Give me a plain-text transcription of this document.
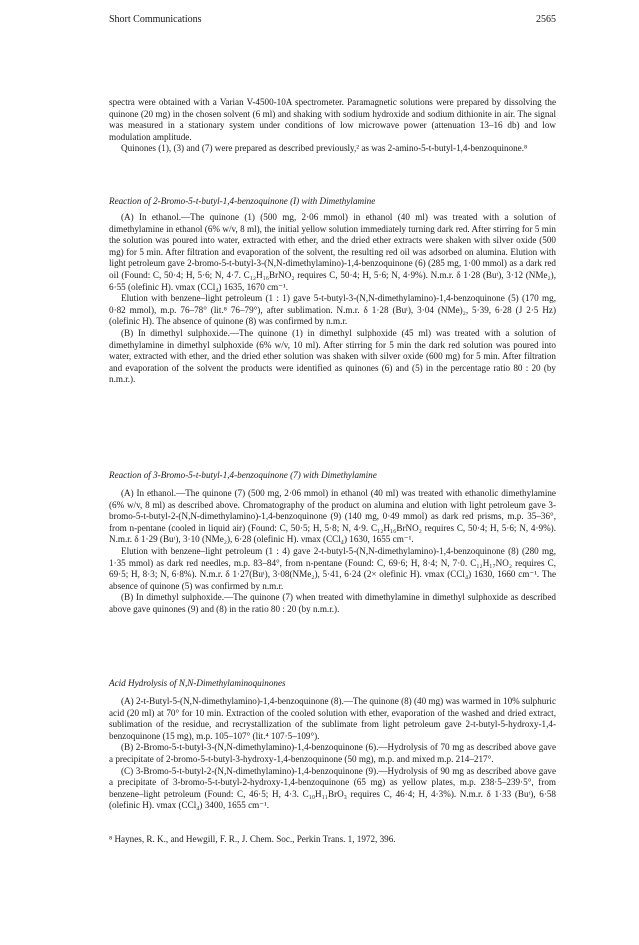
Short Communications	2565

spectra were obtained with a Varian V-4500-10A spectrometer. Paramagnetic solutions were prepared by dissolving the quinone (20 mg) in the chosen solvent (6 ml) and shaking with sodium hydroxide and sodium dithionite in air. The signal was measured in a stationary system under conditions of low microwave power (attenuation 13–16 db) and low modulation amplitude.

Quinones (1), (3) and (7) were prepared as described previously,² as was 2-amino-5-t-butyl-1,4-benzoquinone.⁸

Reaction of 2-Bromo-5-t-butyl-1,4-benzoquinone (I) with Dimethylamine

(A) In ethanol.—The quinone (1) (500 mg, 2·06 mmol) in ethanol (40 ml) was treated with a solution of dimethylamine in ethanol (6% w/v, 8 ml), the initial yellow solution immediately turning dark red. After stirring for 5 min the solution was poured into water, extracted with ether, and the dried ether extracts were shaken with silver oxide (500 mg) for 5 min. After filtration and evaporation of the solvent, the resulting red oil was adsorbed on alumina. Elution with light petroleum gave 2-bromo-5-t-butyl-3-(N,N-dimethylamino)-1,4-benzoquinone (6) (285 mg, 1·00 mmol) as a dark red oil (Found: C, 50·4; H, 5·6; N, 4·7. C₁₂H₁₆BrNO₂ requires C, 50·4; H, 5·6; N, 4·9%). N.m.r. δ 1·28 (Buᵗ), 3·12 (NMe₂), 6·55 (olefinic H). νmax (CCl₄) 1635, 1670 cm⁻¹.

Elution with benzene–light petroleum (1 : 1) gave 5-t-butyl-3-(N,N-dimethylamino)-1,4-benzoquinone (5) (170 mg, 0·82 mmol), m.p. 76–78° (lit.⁸ 76–79°), after sublimation. N.m.r. δ 1·28 (Buᵗ), 3·04 (NMe)₂, 5·39, 6·28 (J 2·5 Hz) (olefinic H). The absence of quinone (8) was confirmed by n.m.r.

(B) In dimethyl sulphoxide.—The quinone (1) in dimethyl sulphoxide (45 ml) was treated with a solution of dimethylamine in dimethyl sulphoxide (6% w/v, 10 ml). After stirring for 5 min the dark red solution was poured into water, extracted with ether, and the dried ether solution was shaken with silver oxide (600 mg) for 5 min. After filtration and evaporation of the solvent the products were identified as quinones (6) and (5) in the percentage ratio 80 : 20 (by n.m.r.).

Reaction of 3-Bromo-5-t-butyl-1,4-benzoquinone (7) with Dimethylamine

(A) In ethanol.—The quinone (7) (500 mg, 2·06 mmol) in ethanol (40 ml) was treated with ethanolic dimethylamine (6% w/v, 8 ml) as described above. Chromatography of the product on alumina and elution with light petroleum gave 3-bromo-5-t-butyl-2-(N,N-dimethylamino)-1,4-benzoquinone (9) (140 mg, 0·49 mmol) as dark red prisms, m.p. 35–36°, from n-pentane (cooled in liquid air) (Found: C, 50·5; H, 5·8; N, 4·9. C₁₂H₁₆BrNO₂ requires C, 50·4; H, 5·6; N, 4·9%). N.m.r. δ 1·29 (Buᵗ), 3·10 (NMe₂), 6·28 (olefinic H). νmax (CCl₄) 1630, 1655 cm⁻¹.

Elution with benzene–light petroleum (1 : 4) gave 2-t-butyl-5-(N,N-dimethylamino)-1,4-benzoquinone (8) (280 mg, 1·35 mmol) as dark red needles, m.p. 83–84°, from n-pentane (Found: C, 69·6; H, 8·4; N, 7·0. C₁₂H₁₇NO₂ requires C, 69·5; H, 8·3; N, 6·8%). N.m.r. δ 1·27(Buᵗ), 3·08(NMe₂), 5·41, 6·24 (2× olefinic H). νmax (CCl₄) 1630, 1660 cm⁻¹. The absence of quinone (5) was confirmed by n.m.r.

(B) In dimethyl sulphoxide.—The quinone (7) when treated with dimethylamine in dimethyl sulphoxide as described above gave quinones (9) and (8) in the ratio 80 : 20 (by n.m.r.).

Acid Hydrolysis of N,N-Dimethylaminoquinones

(A) 2-t-Butyl-5-(N,N-dimethylamino)-1,4-benzoquinone (8).—The quinone (8) (40 mg) was warmed in 10% sulphuric acid (20 ml) at 70° for 10 min. Extraction of the cooled solution with ether, evaporation of the washed and dried extract, sublimation of the residue, and recrystallization of the sublimate from light petroleum gave 2-t-butyl-5-hydroxy-1,4-benzoquinone (15 mg), m.p. 105–107° (lit.⁴ 107·5–109°).

(B) 2-Bromo-5-t-butyl-3-(N,N-dimethylamino)-1,4-benzoquinone (6).—Hydrolysis of 70 mg as described above gave a precipitate of 2-bromo-5-t-butyl-3-hydroxy-1,4-benzoquinone (50 mg), m.p. and mixed m.p. 214–217°.

(C) 3-Bromo-5-t-butyl-2-(N,N-dimethylamino)-1,4-benzoquinone (9).—Hydrolysis of 90 mg as described above gave a precipitate of 3-bromo-5-t-butyl-2-hydroxy-1,4-benzoquinone (65 mg) as yellow plates, m.p. 238·5–239·5°, from benzene–light petroleum (Found: C, 46·5; H, 4·3. C₁₀H₁₁BrO₃ requires C, 46·4; H, 4·3%). N.m.r. δ 1·33 (Buᵗ), 6·58 (olefinic H). νmax (CCl₄) 3400, 1655 cm⁻¹.

⁸ Haynes, R. K., and Hewgill, F. R., J. Chem. Soc., Perkin Trans. 1, 1972, 396.
